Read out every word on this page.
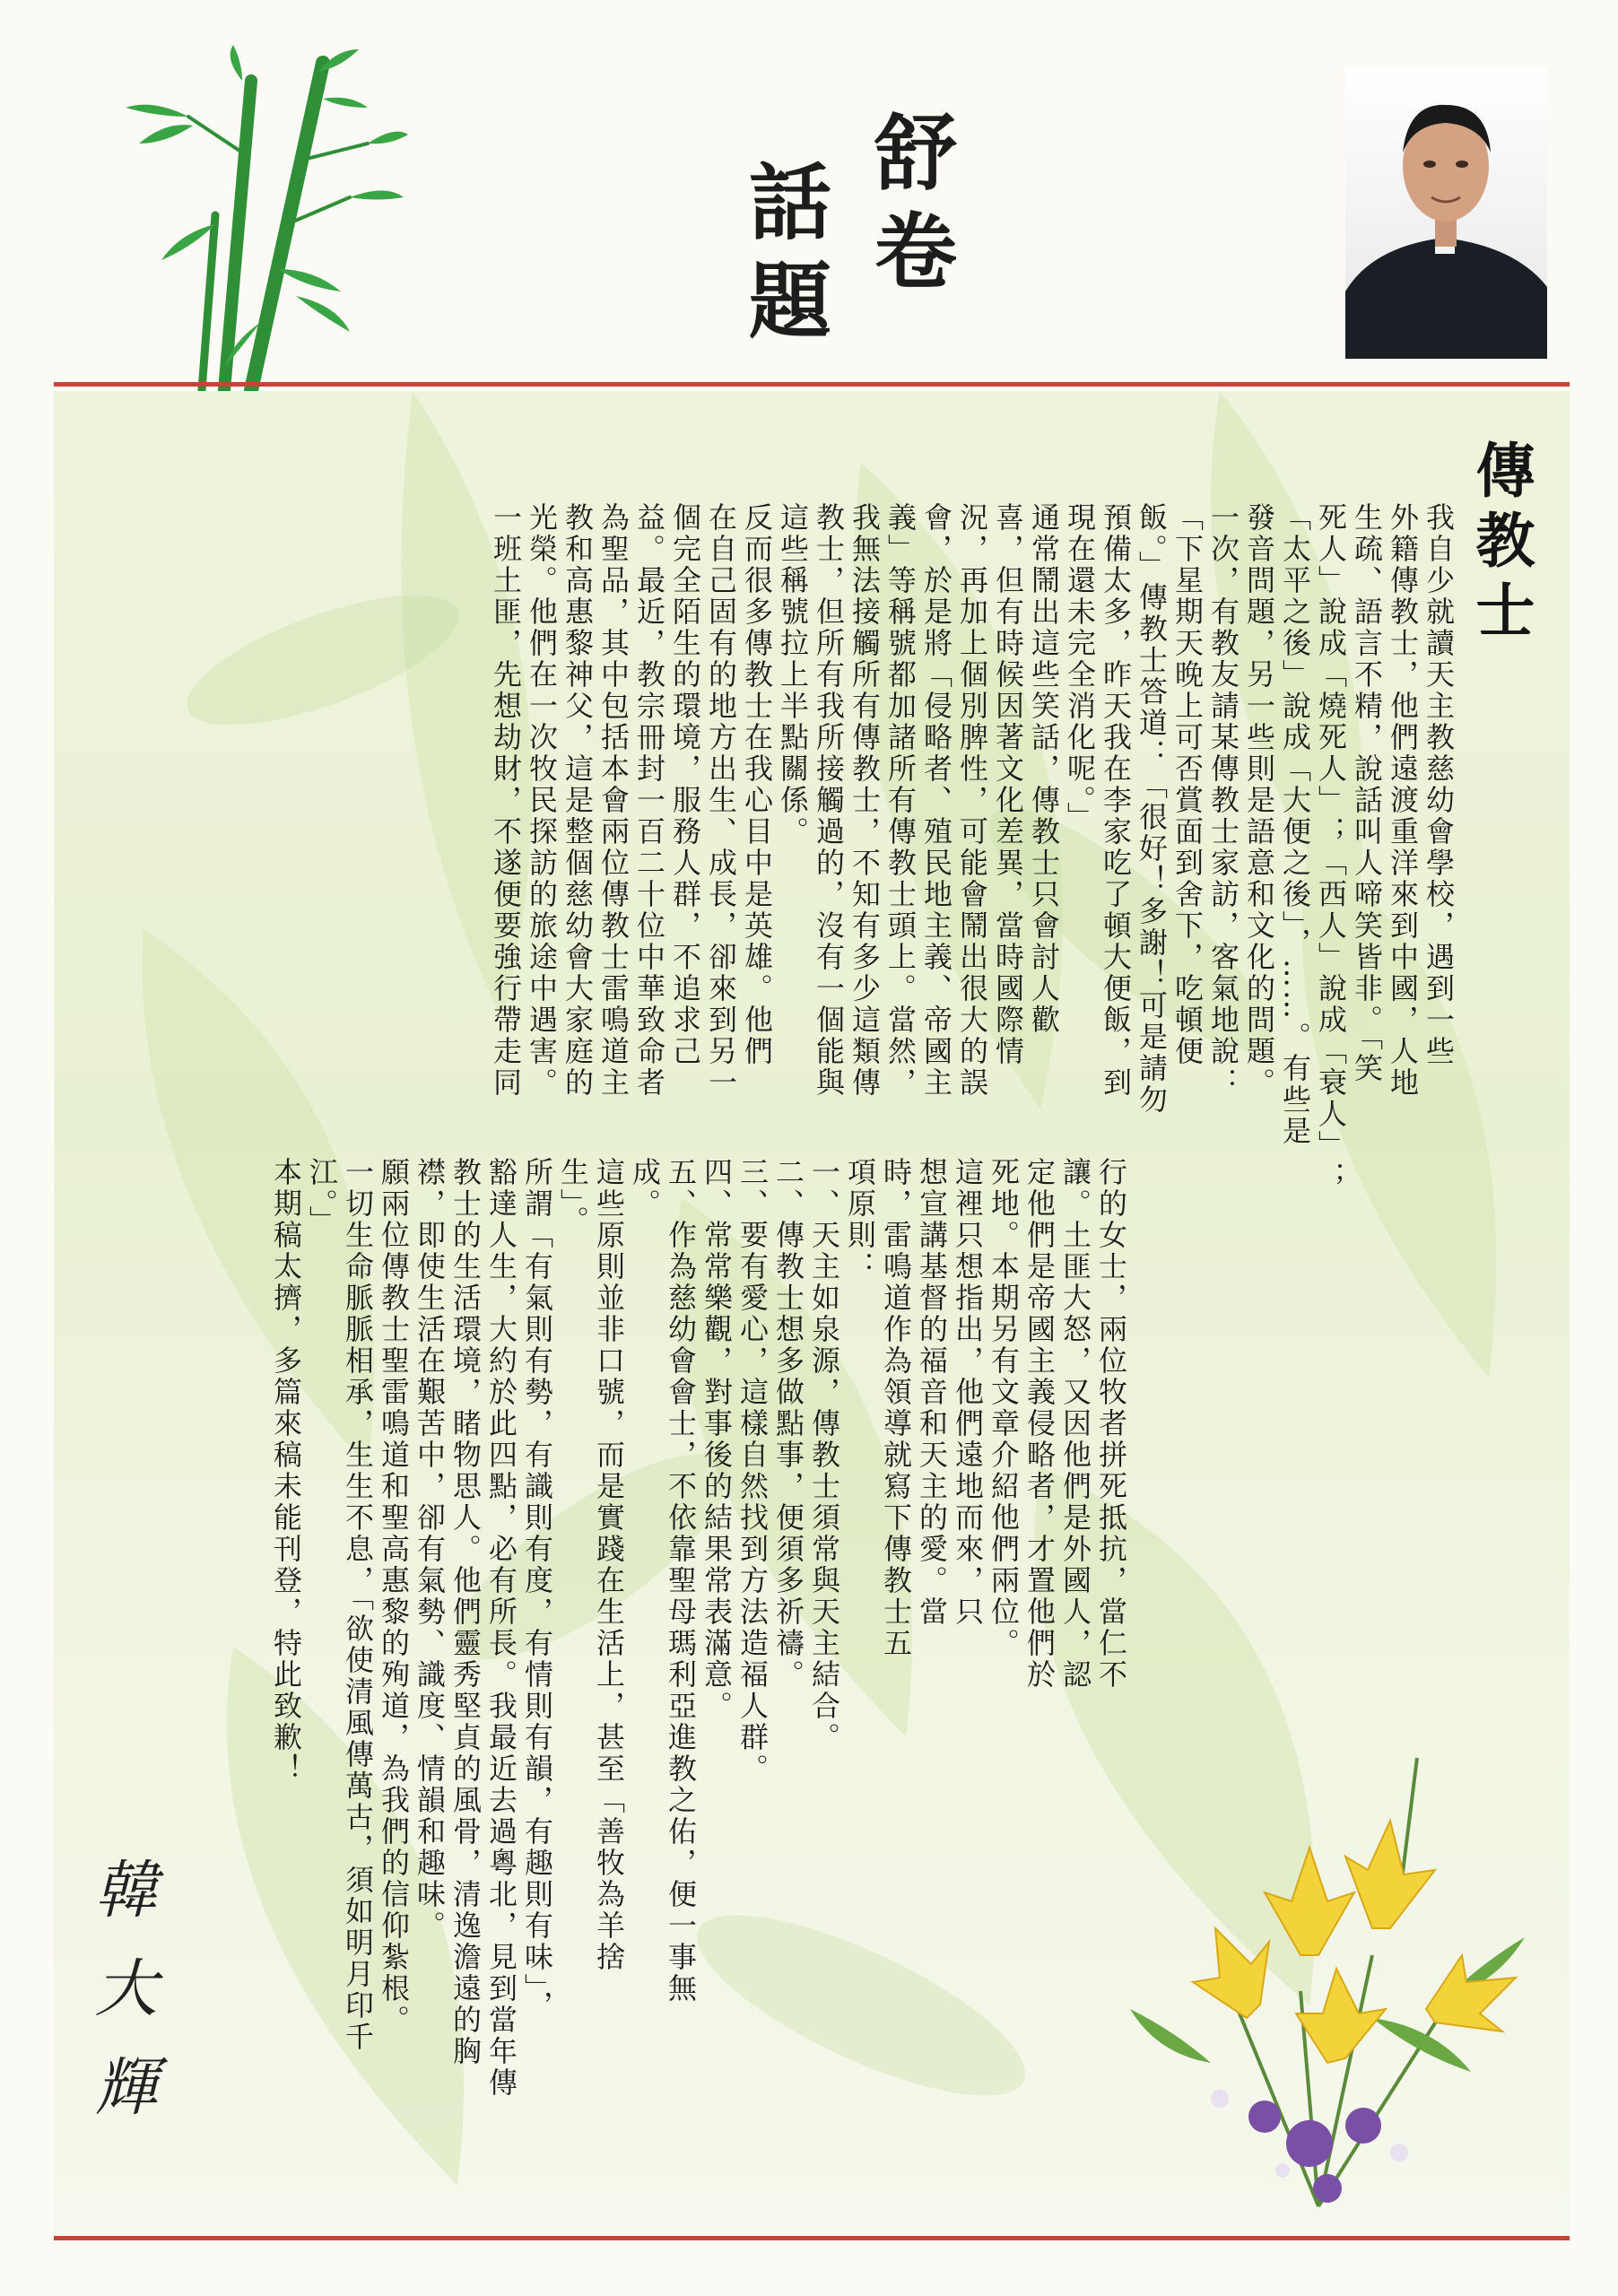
舒
卷
話
題
傳教士
我自少就讀天主教慈幼會學校，遇到一些
外籍傳教士，他們遠渡重洋來到中國，人地
生疏、語言不精，說話叫人啼笑皆非。「笑
死人」說成「燒死人」；「西人」說成「衰人」；
「太平之後」說成「大便之後」，……。有些是
發音問題，另一些則是語意和文化的問題。
一次，有教友請某傳教士家訪，客氣地說：
「下星期天晚上可否賞面到舍下，吃頓便
飯。」傳教士答道：「很好！多謝！可是請勿
預備太多，昨天我在李家吃了頓大便飯，到
現在還未完全消化呢。」
通常鬧出這些笑話，傳教士只會討人歡
喜，但有時候因著文化差異，當時國際情
況，再加上個別脾性，可能會鬧出很大的誤
會，於是將「侵略者、殖民地主義、帝國主
義」等稱號都加諸所有傳教士頭上。當然，
我無法接觸所有傳教士，不知有多少這類傳
教士，但所有我所接觸過的，沒有一個能與
這些稱號拉上半點關係。
反而很多傳教士在我心目中是英雄。他們
在自己固有的地方出生、成長，卻來到另一
個完全陌生的環境，服務人群，不追求己
益。最近，教宗冊封一百二十位中華致命者
為聖品，其中包括本會兩位傳教士雷鳴道主
教和高惠黎神父，這是整個慈幼會大家庭的
光榮。他們在一次牧民探訪的旅途中遇害。
一班土匪，先想劫財，不遂便要強行帶走同
行的女士，兩位牧者拼死抵抗，當仁不
讓。土匪大怒，又因他們是外國人，認
定他們是帝國主義侵略者，才置他們於
死地。本期另有文章介紹他們兩位。
這裡只想指出，他們遠地而來，只
想宣講基督的福音和天主的愛。當
時，雷鳴道作為領導就寫下傳教士五
項原則：
一、天主如泉源，傳教士須常與天主結合。
二、傳教士想多做點事，便須多祈禱。
三、要有愛心，這樣自然找到方法造福人群。
四、常常樂觀，對事後的結果常表滿意。
五、作為慈幼會會士，不依靠聖母瑪利亞進教之佑，便一事無
成。
這些原則並非口號，而是實踐在生活上，甚至「善牧為羊捨
生」。
所謂「有氣則有勢，有識則有度，有情則有韻，有趣則有味」，
豁達人生，大約於此四點，必有所長。我最近去過粵北，見到當年傳
教士的生活環境，睹物思人。他們靈秀堅貞的風骨，清逸澹遠的胸
襟，即使生活在艱苦中，卻有氣勢、識度、情韻和趣味。
願兩位傳教士聖雷鳴道和聖高惠黎的殉道，為我們的信仰紮根。
一切生命脈脈相承，生生不息，「欲使清風傳萬古，須如明月印千
江。」
本期稿太擠，多篇來稿未能刊登，特此致歉！
韓大輝
